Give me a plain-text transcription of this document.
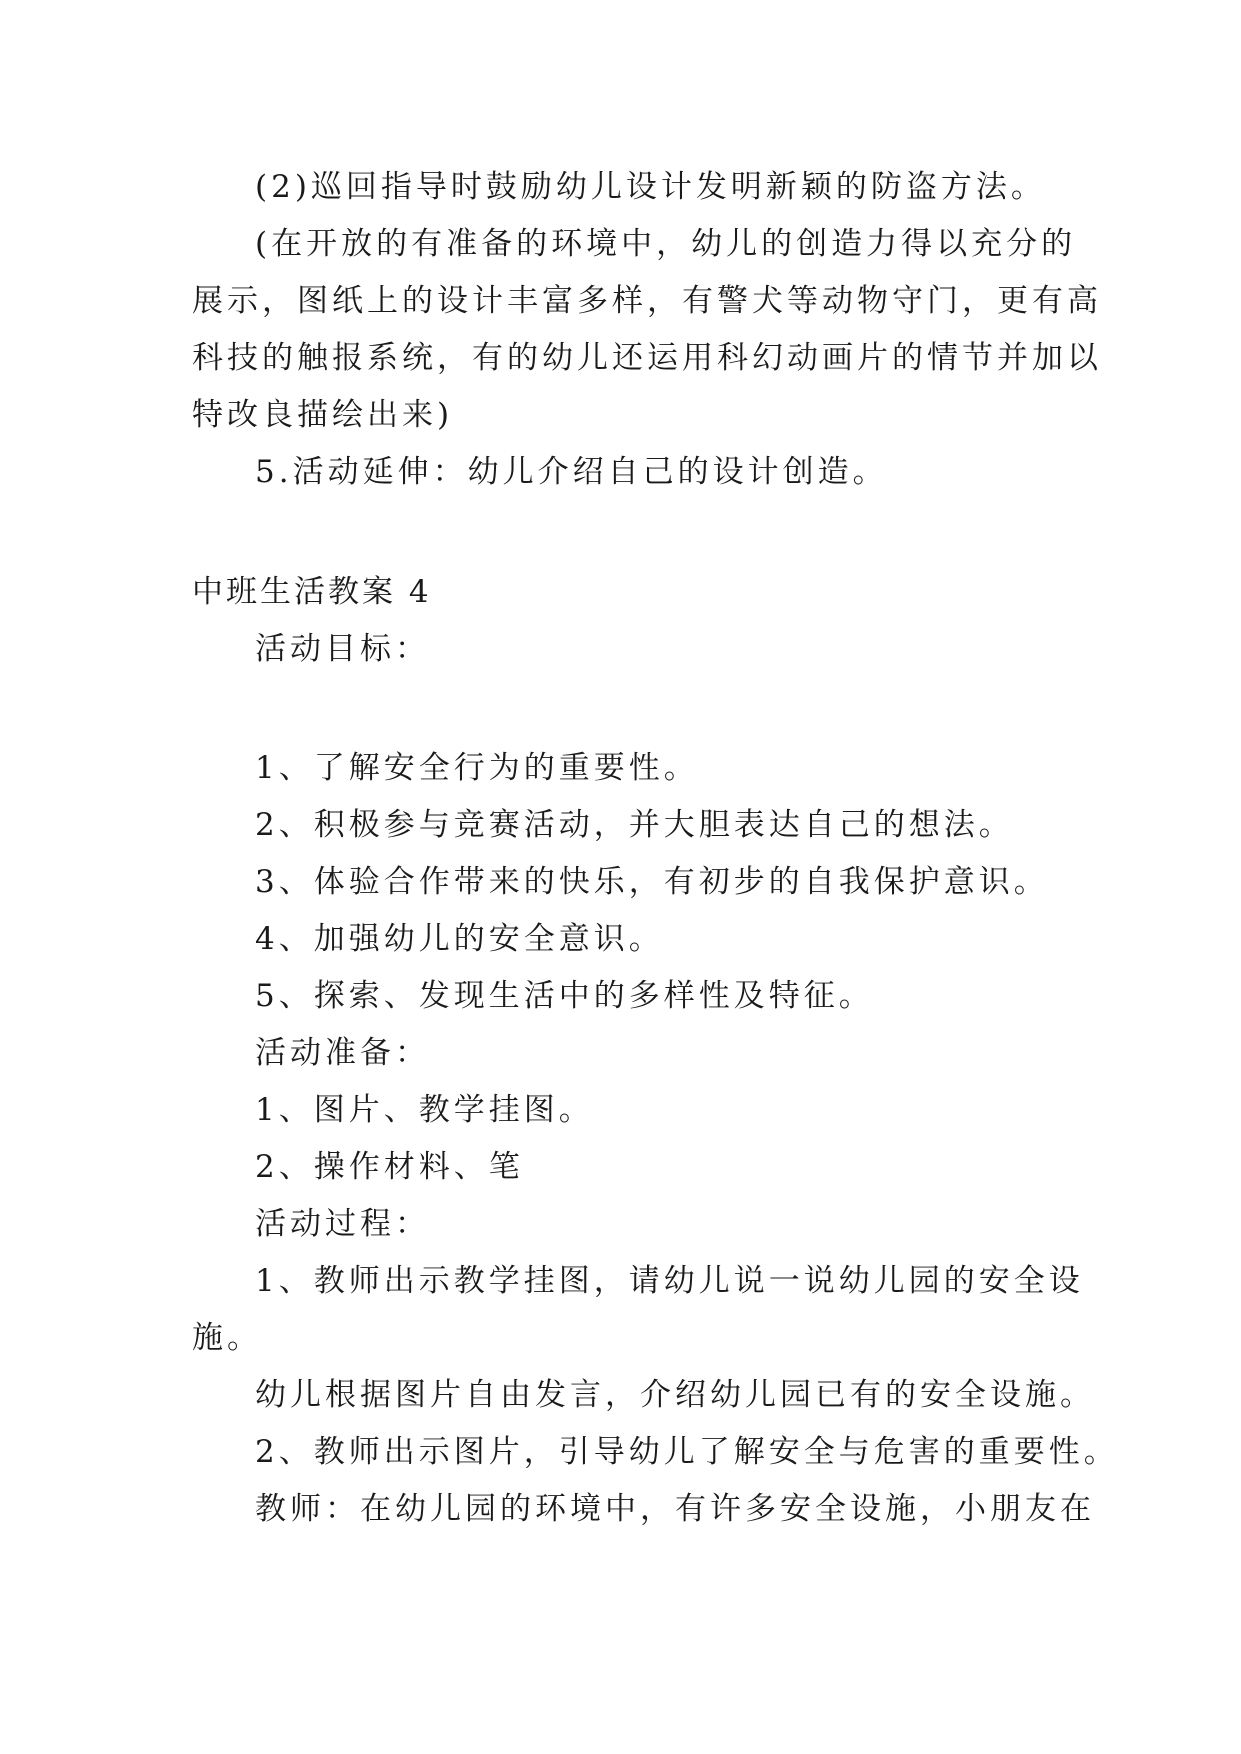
(2)巡回指导时鼓励幼儿设计发明新颖的防盗方法。
(在开放的有准备的环境中，幼儿的创造力得以充分的
展示，图纸上的设计丰富多样，有警犬等动物守门，更有高
科技的触报系统，有的幼儿还运用科幻动画片的情节并加以
特改良描绘出来)
5.活动延伸：幼儿介绍自己的设计创造。
中班生活教案 4
活动目标：
1、了解安全行为的重要性。
2、积极参与竞赛活动，并大胆表达自己的想法。
3、体验合作带来的快乐，有初步的自我保护意识。
4、加强幼儿的安全意识。
5、探索、发现生活中的多样性及特征。
活动准备：
1、图片、教学挂图。
2、操作材料、笔
活动过程：
1、教师出示教学挂图，请幼儿说一说幼儿园的安全设
施。
幼儿根据图片自由发言，介绍幼儿园已有的安全设施。
2、教师出示图片，引导幼儿了解安全与危害的重要性。
教师：在幼儿园的环境中，有许多安全设施，小朋友在
